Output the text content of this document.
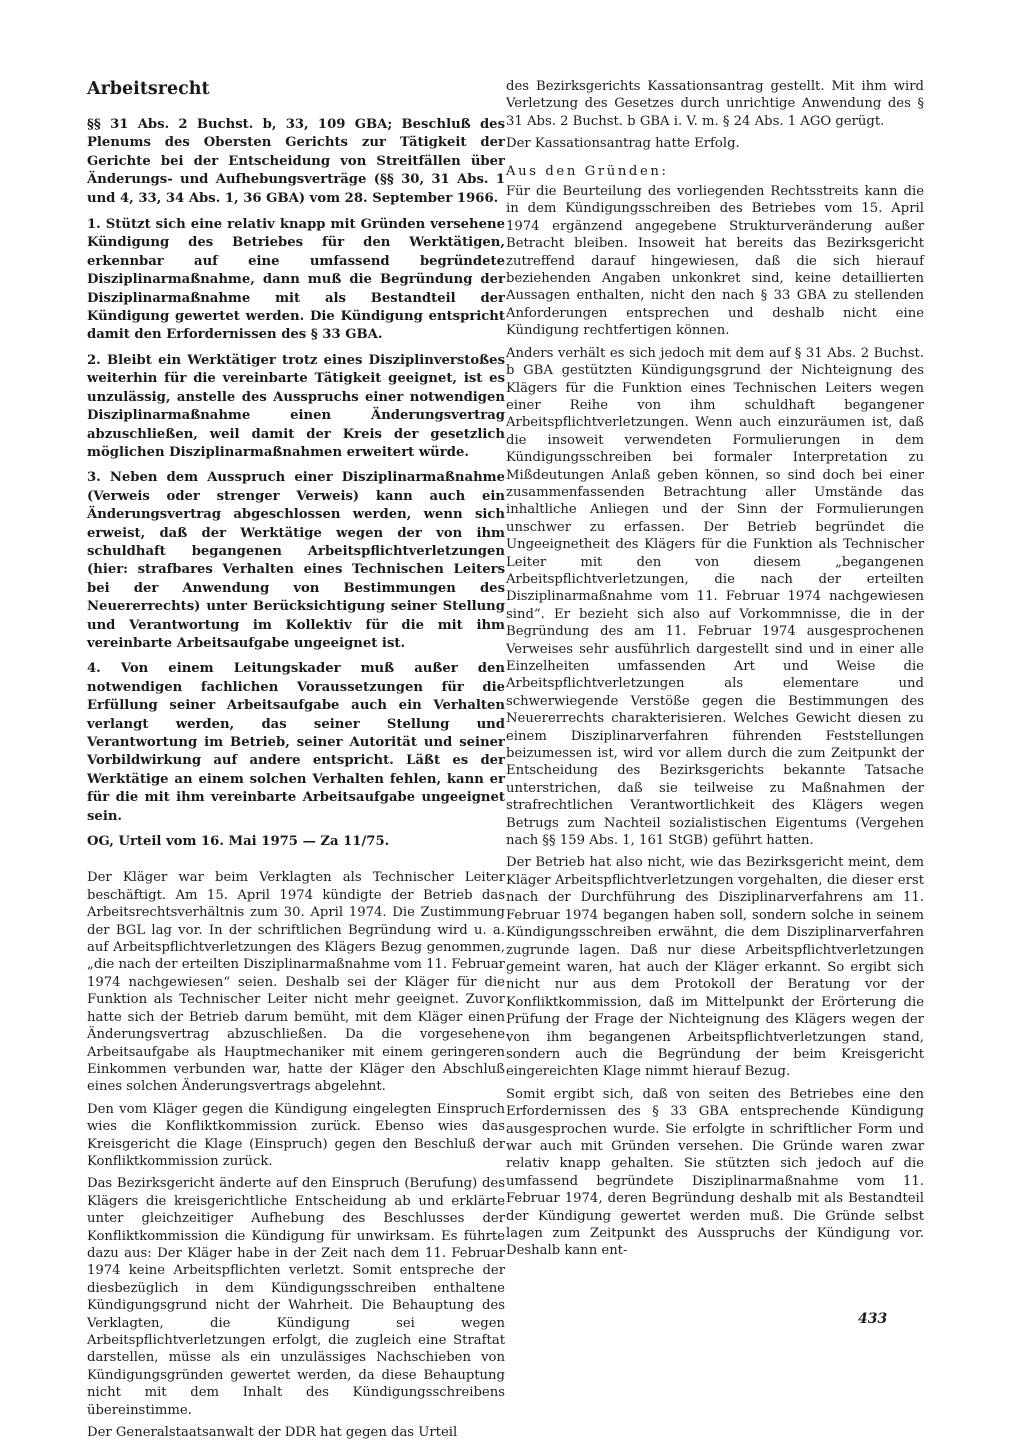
Arbeitsrecht

§§ 31 Abs. 2 Buchst. b, 33, 109 GBA; Beschluß des Plenums des Obersten Gerichts zur Tätigkeit der Gerichte bei der Entscheidung von Streitfällen über Änderungs- und Aufhebungsverträge (§§ 30, 31 Abs. 1 und 4, 33, 34 Abs. 1, 36 GBA) vom 28. September 1966.

1. Stützt sich eine relativ knapp mit Gründen versehene Kündigung des Betriebes für den Werktätigen, erkennbar auf eine umfassend begründete Disziplinarmaßnahme, dann muß die Begründung der Disziplinarmaßnahme mit als Bestandteil der Kündigung gewertet werden. Die Kündigung entspricht damit den Erfordernissen des § 33 GBA.

2. Bleibt ein Werktätiger trotz eines Disziplinverstoßes weiterhin für die vereinbarte Tätigkeit geeignet, ist es unzulässig, anstelle des Ausspruchs einer notwendigen Disziplinarmaßnahme einen Änderungsvertrag abzuschließen, weil damit der Kreis der gesetzlich möglichen Disziplinarmaßnahmen erweitert würde.

3. Neben dem Ausspruch einer Disziplinarmaßnahme (Verweis oder strenger Verweis) kann auch ein Änderungsvertrag abgeschlossen werden, wenn sich erweist, daß der Werktätige wegen der von ihm schuldhaft begangenen Arbeitspflichtverletzungen (hier: strafbares Verhalten eines Technischen Leiters bei der Anwendung von Bestimmungen des Neuererrechts) unter Berücksichtigung seiner Stellung und Verantwortung im Kollektiv für die mit ihm vereinbarte Arbeitsaufgabe ungeeignet ist.

4. Von einem Leitungskader muß außer den notwendigen fachlichen Voraussetzungen für die Erfüllung seiner Arbeitsaufgabe auch ein Verhalten verlangt werden, das seiner Stellung und Verantwortung im Betrieb, seiner Autorität und seiner Vorbildwirkung auf andere entspricht. Läßt es der Werktätige an einem solchen Verhalten fehlen, kann er für die mit ihm vereinbarte Arbeitsaufgabe ungeeignet sein.

OG, Urteil vom 16. Mai 1975 — Za 11/75.

Der Kläger war beim Verklagten als Technischer Leiter beschäftigt. Am 15. April 1974 kündigte der Betrieb das Arbeitsrechtsverhältnis zum 30. April 1974. Die Zustimmung der BGL lag vor. In der schriftlichen Begründung wird u. a. auf Arbeitspflichtverletzungen des Klägers Bezug genommen, „die nach der erteilten Disziplinarmaßnahme vom 11. Februar 1974 nachgewiesen“ seien. Deshalb sei der Kläger für die Funktion als Technischer Leiter nicht mehr geeignet. Zuvor hatte sich der Betrieb darum bemüht, mit dem Kläger einen Änderungsvertrag abzuschließen. Da die vorgesehene Arbeitsaufgabe als Hauptmechaniker mit einem geringeren Einkommen verbunden war, hatte der Kläger den Abschluß eines solchen Änderungsvertrags abgelehnt.

Den vom Kläger gegen die Kündigung eingelegten Einspruch wies die Konfliktkommission zurück. Ebenso wies das Kreisgericht die Klage (Einspruch) gegen den Beschluß der Konfliktkommission zurück.

Das Bezirksgericht änderte auf den Einspruch (Berufung) des Klägers die kreisgerichtliche Entscheidung ab und erklärte unter gleichzeitiger Aufhebung des Beschlusses der Konfliktkommission die Kündigung für unwirksam. Es führte dazu aus: Der Kläger habe in der Zeit nach dem 11. Februar 1974 keine Arbeitspflichten verletzt. Somit entspreche der diesbezüglich in dem Kündigungsschreiben enthaltene Kündigungsgrund nicht der Wahrheit. Die Behauptung des Verklagten, die Kündigung sei wegen Arbeitspflichtverletzungen erfolgt, die zugleich eine Straftat darstellen, müsse als ein unzulässiges Nachschieben von Kündigungsgründen gewertet werden, da diese Behauptung nicht mit dem Inhalt des Kündigungsschreibens übereinstimme.

Der Generalstaatsanwalt der DDR hat gegen das Urteil

des Bezirksgerichts Kassationsantrag gestellt. Mit ihm wird Verletzung des Gesetzes durch unrichtige Anwendung des § 31 Abs. 2 Buchst. b GBA i. V. m. § 24 Abs. 1 AGO gerügt.

Der Kassationsantrag hatte Erfolg.

Aus den Gründen:

Für die Beurteilung des vorliegenden Rechtsstreits kann die in dem Kündigungsschreiben des Betriebes vom 15. April 1974 ergänzend angegebene Strukturveränderung außer Betracht bleiben. Insoweit hat bereits das Bezirksgericht zutreffend darauf hingewiesen, daß die sich hierauf beziehenden Angaben unkonkret sind, keine detaillierten Aussagen enthalten, nicht den nach § 33 GBA zu stellenden Anforderungen entsprechen und deshalb nicht eine Kündigung rechtfertigen können.

Anders verhält es sich jedoch mit dem auf § 31 Abs. 2 Buchst. b GBA gestützten Kündigungsgrund der Nichteignung des Klägers für die Funktion eines Technischen Leiters wegen einer Reihe von ihm schuldhaft begangener Arbeitspflichtverletzungen. Wenn auch einzuräumen ist, daß die insoweit verwendeten Formulierungen in dem Kündigungsschreiben bei formaler Interpretation zu Mißdeutungen Anlaß geben können, so sind doch bei einer zusammenfassenden Betrachtung aller Umstände das inhaltliche Anliegen und der Sinn der Formulierungen unschwer zu erfassen. Der Betrieb begründet die Ungeeignetheit des Klägers für die Funktion als Technischer Leiter mit den von diesem „begangenen Arbeitspflichtverletzungen, die nach der erteilten Disziplinarmaßnahme vom 11. Februar 1974 nachgewiesen sind“. Er bezieht sich also auf Vorkommnisse, die in der Begründung des am 11. Februar 1974 ausgesprochenen Verweises sehr ausführlich dargestellt sind und in einer alle Einzelheiten umfassenden Art und Weise die Arbeitspflichtverletzungen als elementare und schwerwiegende Verstöße gegen die Bestimmungen des Neuererrechts charakterisieren. Welches Gewicht diesen zu einem Disziplinarverfahren führenden Feststellungen beizumessen ist, wird vor allem durch die zum Zeitpunkt der Entscheidung des Bezirksgerichts bekannte Tatsache unterstrichen, daß sie teilweise zu Maßnahmen der strafrechtlichen Verantwortlichkeit des Klägers wegen Betrugs zum Nachteil sozialistischen Eigentums (Vergehen nach §§ 159 Abs. 1, 161 StGB) geführt hatten.

Der Betrieb hat also nicht, wie das Bezirksgericht meint, dem Kläger Arbeitspflichtverletzungen vorgehalten, die dieser erst nach der Durchführung des Disziplinarverfahrens am 11. Februar 1974 begangen haben soll, sondern solche in seinem Kündigungsschreiben erwähnt, die dem Disziplinarverfahren zugrunde lagen. Daß nur diese Arbeitspflichtverletzungen gemeint waren, hat auch der Kläger erkannt. So ergibt sich nicht nur aus dem Protokoll der Beratung vor der Konfliktkommission, daß im Mittelpunkt der Erörterung die Prüfung der Frage der Nichteignung des Klägers wegen der von ihm begangenen Arbeitspflichtverletzungen stand, sondern auch die Begründung der beim Kreisgericht eingereichten Klage nimmt hierauf Bezug.

Somit ergibt sich, daß von seiten des Betriebes eine den Erfordernissen des § 33 GBA entsprechende Kündigung ausgesprochen wurde. Sie erfolgte in schriftlicher Form und war auch mit Gründen versehen. Die Gründe waren zwar relativ knapp gehalten. Sie stützten sich jedoch auf die umfassend begründete Disziplinarmaßnahme vom 11. Februar 1974, deren Begründung deshalb mit als Bestandteil der Kündigung gewertet werden muß. Die Gründe selbst lagen zum Zeitpunkt des Ausspruchs der Kündigung vor. Deshalb kann ent-

433
